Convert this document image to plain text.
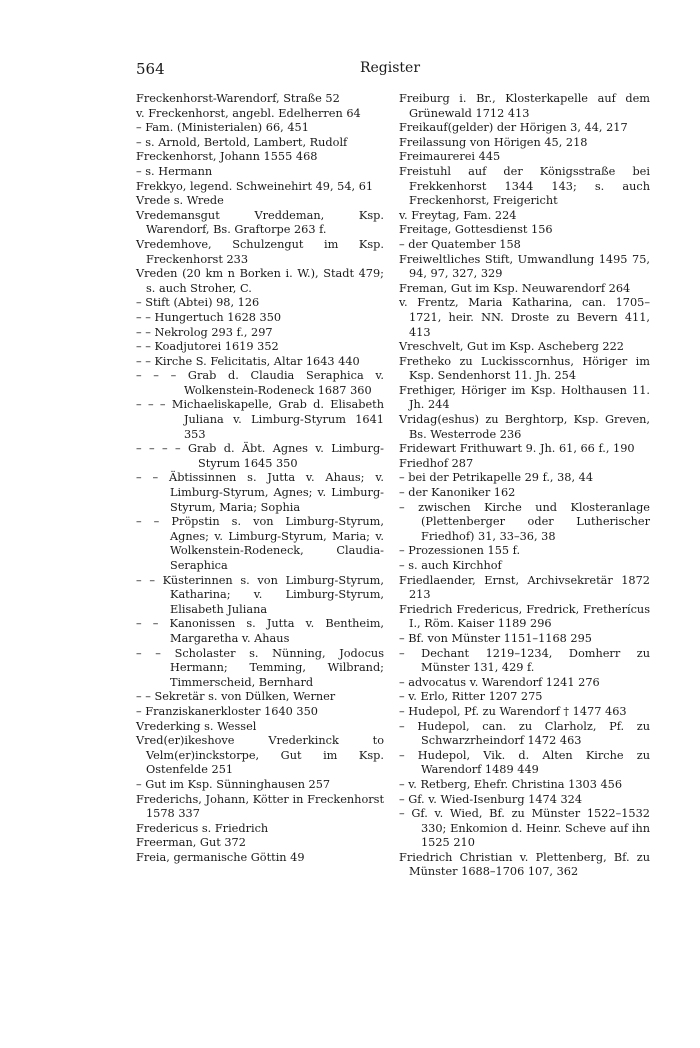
564	Register
Freckenhorst-Warendorf, Straße 52
v. Freckenhorst, angebl. Edelherren 64
– Fam. (Ministerialen) 66, 451
– s. Arnold, Bertold, Lambert, Rudolf
Freckenhorst, Johann 1555 468
– s. Hermann
Frekkyo, legend. Schweinehirt 49, 54, 61
Vrede s. Wrede
Vredemansgut Vreddeman, Ksp. Warendorf, Bs. Graftorpe 263 f.
Vredemhove, Schulzengut im Ksp. Freckenhorst 233
Vreden (20 km n Borken i. W.), Stadt 479; s. auch Stroher, C.
– Stift (Abtei) 98, 126
– – Hungertuch 1628 350
– – Nekrolog 293 f., 297
– – Koadjutorei 1619 352
– – Kirche S. Felicitatis, Altar 1643 440
– – – Grab d. Claudia Seraphica v. Wolkenstein-Rodeneck 1687 360
– – – Michaeliskapelle, Grab d. Elisabeth Juliana v. Limburg-Styrum 1641 353
– – – – Grab d. Äbt. Agnes v. Limburg-Styrum 1645 350
– – Äbtissinnen s. Jutta v. Ahaus; v. Limburg-Styrum, Agnes; v. Limburg-Styrum, Maria; Sophia
– – Pröpstin s. von Limburg-Styrum, Agnes; v. Limburg-Styrum, Maria; v. Wolkenstein-Rodeneck, Claudia-Seraphica
– – Küsterinnen s. von Limburg-Styrum, Katharina; v. Limburg-Styrum, Elisabeth Juliana
– – Kanonissen s. Jutta v. Bentheim, Margaretha v. Ahaus
– – Scholaster s. Nünning, Jodocus Hermann; Temming, Wilbrand; Timmerscheid, Bernhard
– – Sekretär s. von Dülken, Werner
– Franziskanerkloster 1640 350
Vrederking s. Wessel
Vred(er)ikeshove Vrederkinck to Velm(er)inckstorpe, Gut im Ksp. Ostenfelde 251
– Gut im Ksp. Sünninghausen 257
Frederichs, Johann, Kötter in Freckenhorst 1578 337
Fredericus s. Friedrich
Freerman, Gut 372
Freia, germanische Göttin 49
Freiburg i. Br., Klosterkapelle auf dem Grünewald 1712 413
Freikauf(gelder) der Hörigen 3, 44, 217
Freilassung von Hörigen 45, 218
Freimaurerei 445
Freistuhl auf der Königsstraße bei Frekkenhorst 1344 143; s. auch Freckenhorst, Freigericht
v. Freytag, Fam. 224
Freitage, Gottesdienst 156
– der Quatember 158
Freiweltliches Stift, Umwandlung 1495 75, 94, 97, 327, 329
Freman, Gut im Ksp. Neuwarendorf 264
v. Frentz, Maria Katharina, can. 1705–1721, heir. NN. Droste zu Bevern 411, 413
Vreschvelt, Gut im Ksp. Ascheberg 222
Fretheko zu Luckisscornhus, Höriger im Ksp. Sendenhorst 11. Jh. 254
Frethiger, Höriger im Ksp. Holthausen 11. Jh. 244
Vridag(eshus) zu Berghtorp, Ksp. Greven, Bs. Westerrode 236
Fridewart Frithuwart 9. Jh. 61, 66 f., 190
Friedhof 287
– bei der Petrikapelle 29 f., 38, 44
– der Kanoniker 162
– zwischen Kirche und Klosteranlage (Plettenberger oder Lutherischer Friedhof) 31, 33–36, 38
– Prozessionen 155 f.
– s. auch Kirchhof
Friedlaender, Ernst, Archivsekretär 1872 213
Friedrich Fredericus, Fredrick, Fretherícus I., Röm. Kaiser 1189 296
– Bf. von Münster 1151–1168 295
– Dechant 1219–1234, Domherr zu Münster 131, 429 f.
– advocatus v. Warendorf 1241 276
– v. Erlo, Ritter 1207 275
– Hudepol, Pf. zu Warendorf † 1477 463
– Hudepol, can. zu Clarholz, Pf. zu Schwarzrheindorf 1472 463
– Hudepol, Vik. d. Alten Kirche zu Warendorf 1489 449
– v. Retberg, Ehefr. Christina 1303 456
– Gf. v. Wied-Isenburg 1474 324
– Gf. v. Wied, Bf. zu Münster 1522–1532 330; Enkomion d. Heinr. Scheve auf ihn 1525 210
Friedrich Christian v. Plettenberg, Bf. zu Münster 1688–1706 107, 362
